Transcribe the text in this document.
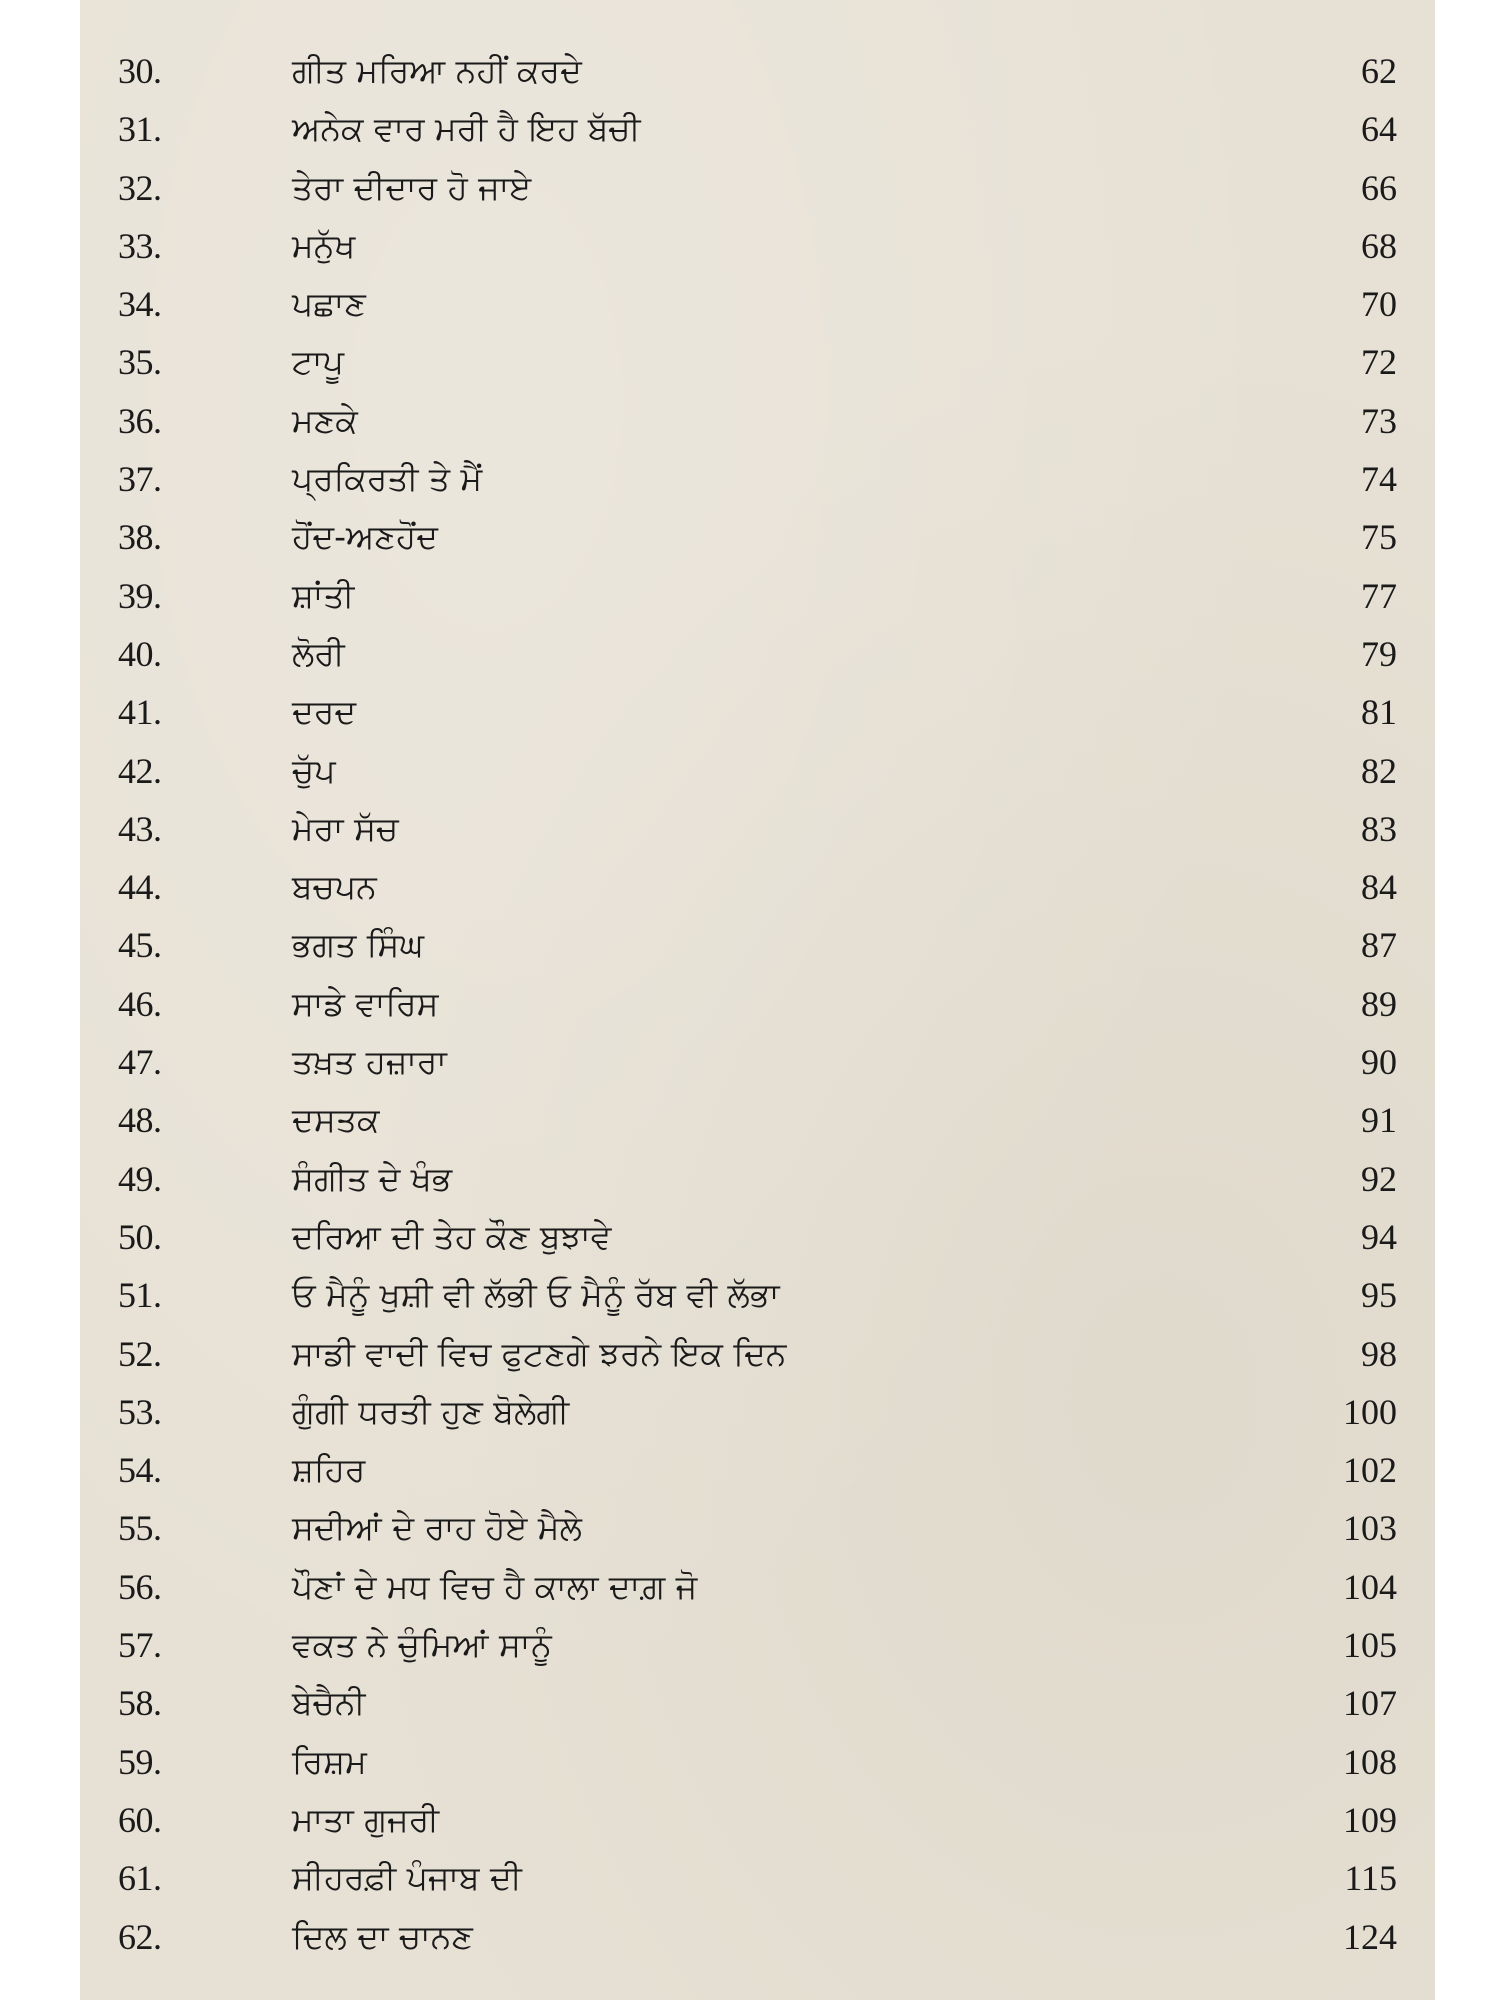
30.	ਗੀਤ ਮਰਿਆ ਨਹੀਂ ਕਰਦੇ	62
31.	ਅਨੇਕ ਵਾਰ ਮਰੀ ਹੈ ਇਹ ਬੱਚੀ	64
32.	ਤੇਰਾ ਦੀਦਾਰ ਹੋ ਜਾਏ	66
33.	ਮਨੁੱਖ	68
34.	ਪਛਾਣ	70
35.	ਟਾਪੂ	72
36.	ਮਣਕੇ	73
37.	ਪ੍ਰਕਿਰਤੀ ਤੇ ਮੈਂ	74
38.	ਹੋਂਦ-ਅਣਹੋਂਦ	75
39.	ਸ਼ਾਂਤੀ	77
40.	ਲੋਰੀ	79
41.	ਦਰਦ	81
42.	ਚੁੱਪ	82
43.	ਮੇਰਾ ਸੱਚ	83
44.	ਬਚਪਨ	84
45.	ਭਗਤ ਸਿੰਘ	87
46.	ਸਾਡੇ ਵਾਰਿਸ	89
47.	ਤਖ਼ਤ ਹਜ਼ਾਰਾ	90
48.	ਦਸਤਕ	91
49.	ਸੰਗੀਤ ਦੇ ਖੰਭ	92
50.	ਦਰਿਆ ਦੀ ਤੇਹ ਕੌਣ ਬੁਝਾਵੇ	94
51.	ਓ ਮੈਨੂੰ ਖੁਸ਼ੀ ਵੀ ਲੱਭੀ ਓ ਮੈਨੂੰ ਰੱਬ ਵੀ ਲੱਭਾ	95
52.	ਸਾਡੀ ਵਾਦੀ ਵਿਚ ਫੁਟਣਗੇ ਝਰਨੇ ਇਕ ਦਿਨ	98
53.	ਗੁੰਗੀ ਧਰਤੀ ਹੁਣ ਬੋਲੇਗੀ	100
54.	ਸ਼ਹਿਰ	102
55.	ਸਦੀਆਂ ਦੇ ਰਾਹ ਹੋਏ ਮੈਲੇ	103
56.	ਪੌਣਾਂ ਦੇ ਮਧ ਵਿਚ ਹੈ ਕਾਲਾ ਦਾਗ਼ ਜੋ	104
57.	ਵਕਤ ਨੇ ਚੁੰਮਿਆਂ ਸਾਨੂੰ	105
58.	ਬੇਚੈਨੀ	107
59.	ਰਿਸ਼ਮ	108
60.	ਮਾਤਾ ਗੁਜਰੀ	109
61.	ਸੀਹਰਫ਼ੀ ਪੰਜਾਬ ਦੀ	115
62.	ਦਿਲ ਦਾ ਚਾਨਣ	124
